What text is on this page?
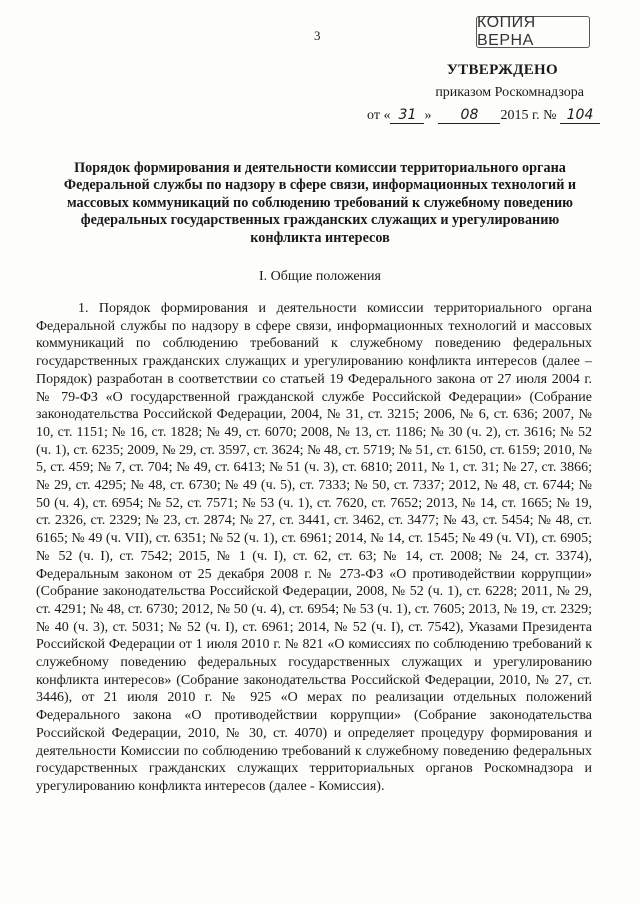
3
КОПИЯ ВЕРНА
УТВЕРЖДЕНО
приказом Роскомнадзора
от « 31 » 08 2015 г. № 104
Порядок формирования и деятельности комиссии территориального органа Федеральной службы по надзору в сфере связи, информационных технологий и массовых коммуникаций по соблюдению требований к служебному поведению федеральных государственных гражданских служащих и урегулированию конфликта интересов
I. Общие положения

1. Порядок формирования и деятельности комиссии территориального органа Федеральной службы по надзору в сфере связи, информационных технологий и массовых коммуникаций по соблюдению требований к служебному поведению федеральных государственных гражданских служащих и урегулированию конфликта интересов (далее – Порядок) разработан в соответствии со статьей 19 Федерального закона от 27 июля 2004 г. № 79-ФЗ «О государственной гражданской службе Российской Федерации» (Собрание законодательства Российской Федерации, 2004, № 31, ст. 3215; 2006, № 6, ст. 636; 2007, № 10, ст. 1151; № 16, ст. 1828; № 49, ст. 6070; 2008, № 13, ст. 1186; № 30 (ч. 2), ст. 3616; № 52 (ч. 1), ст. 6235; 2009, № 29, ст. 3597, ст. 3624; № 48, ст. 5719; № 51, ст. 6150, ст. 6159; 2010, № 5, ст. 459; № 7, ст. 704; № 49, ст. 6413; № 51 (ч. 3), ст. 6810; 2011, № 1, ст. 31; № 27, ст. 3866; № 29, ст. 4295; № 48, ст. 6730; № 49 (ч. 5), ст. 7333; № 50, ст. 7337; 2012, № 48, ст. 6744; № 50 (ч. 4), ст. 6954; № 52, ст. 7571; № 53 (ч. 1), ст. 7620, ст. 7652; 2013, № 14, ст. 1665; № 19, ст. 2326, ст. 2329; № 23, ст. 2874; № 27, ст. 3441, ст. 3462, ст. 3477; № 43, ст. 5454; № 48, ст. 6165; № 49 (ч. VII), ст. 6351; № 52 (ч. 1), ст. 6961; 2014, № 14, ст. 1545; № 49 (ч. VI), ст. 6905; № 52 (ч. I), ст. 7542; 2015, № 1 (ч. I), ст. 62, ст. 63; № 14, ст. 2008; № 24, ст. 3374), Федеральным законом от 25 декабря 2008 г. № 273-ФЗ «О противодействии коррупции» (Собрание законодательства Российской Федерации, 2008, № 52 (ч. 1), ст. 6228; 2011, № 29, ст. 4291; № 48, ст. 6730; 2012, № 50 (ч. 4), ст. 6954; № 53 (ч. 1), ст. 7605; 2013, № 19, ст. 2329; № 40 (ч. 3), ст. 5031; № 52 (ч. I), ст. 6961; 2014, № 52 (ч. I), ст. 7542), Указами Президента Российской Федерации от 1 июля 2010 г. № 821 «О комиссиях по соблюдению требований к служебному поведению федеральных государственных служащих и урегулированию конфликта интересов» (Собрание законодательства Российской Федерации, 2010, № 27, ст. 3446), от 21 июля 2010 г. № 925 «О мерах по реализации отдельных положений Федерального закона «О противодействии коррупции» (Собрание законодательства Российской Федерации, 2010, № 30, ст. 4070) и определяет процедуру формирования и деятельности Комиссии по соблюдению требований к служебному поведению федеральных государственных гражданских служащих территориальных органов Роскомнадзора и урегулированию конфликта интересов (далее - Комиссия).
